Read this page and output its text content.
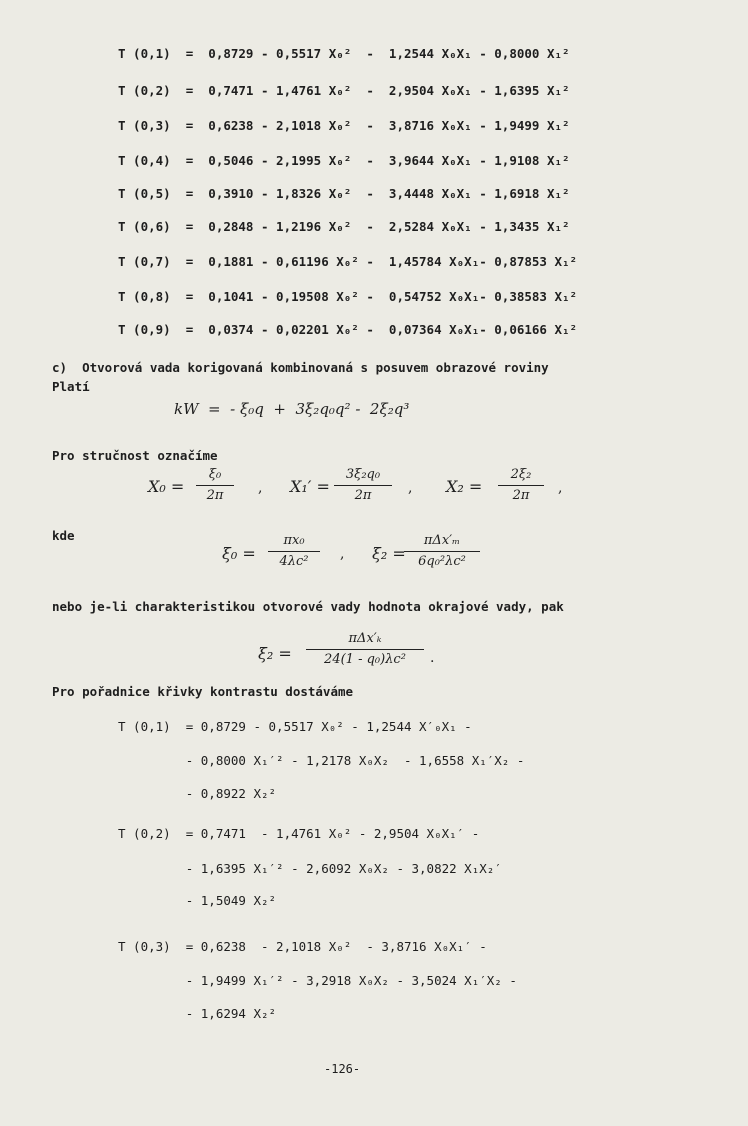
T (0,1)  =  0,8729 - 0,5517 X₀²  -  1,2544 X₀X₁ - 0,8000 X₁²
T (0,2)  =  0,7471 - 1,4761 X₀²  -  2,9504 X₀X₁ - 1,6395 X₁²
T (0,3)  =  0,6238 - 2,1018 X₀²  -  3,8716 X₀X₁ - 1,9499 X₁²
T (0,4)  =  0,5046 - 2,1995 X₀²  -  3,9644 X₀X₁ - 1,9108 X₁²
T (0,5)  =  0,3910 - 1,8326 X₀²  -  3,4448 X₀X₁ - 1,6918 X₁²
T (0,6)  =  0,2848 - 1,2196 X₀²  -  2,5284 X₀X₁ - 1,3435 X₁²
T (0,7)  =  0,1881 - 0,61196 X₀² -  1,45784 X₀X₁- 0,87853 X₁²
T (0,8)  =  0,1041 - 0,19508 X₀² -  0,54752 X₀X₁- 0,38583 X₁²
T (0,9)  =  0,0374 - 0,02201 X₀² -  0,07364 X₀X₁- 0,06166 X₁²
c)  Otvorová vada korigovaná kombinovaná s posuvem obrazové roviny
Platí
kW  =  - ξ₀q  +  3ξ₂q₀q² -  2ξ₂q³
Pro stručnost označíme
X₀ =
ξ₀
2π	, X₁′ =
3ξ₂q₀
2π	, X₂ =
2ξ₂
2π	,
kde
ξ₀ =
πx₀
4λc²	, ξ₂ =
πΔx′ₘ
6q₀²λc²
nebo je-li charakteristikou otvorové vady hodnota okrajové vady, pak
ξ₂ =
πΔx′ₖ
24(1 - q₀)λc²	.
Pro pořadnice křivky kontrastu dostáváme
T (0,1)  = 0,8729 - 0,5517 X₀² - 1,2544 X′₀X₁ -
- 0,8000 X₁′² - 1,2178 X₀X₂  - 1,6558 X₁′X₂ -
- 0,8922 X₂²
T (0,2)  = 0,7471  - 1,4761 X₀² - 2,9504 X₀X₁′ -
- 1,6395 X₁′² - 2,6092 X₀X₂ - 3,0822 X₁X₂′
- 1,5049 X₂²
T (0,3)  = 0,6238  - 2,1018 X₀²  - 3,8716 X₀X₁′ -
- 1,9499 X₁′² - 3,2918 X₀X₂ - 3,5024 X₁′X₂ -
- 1,6294 X₂²
-126-
